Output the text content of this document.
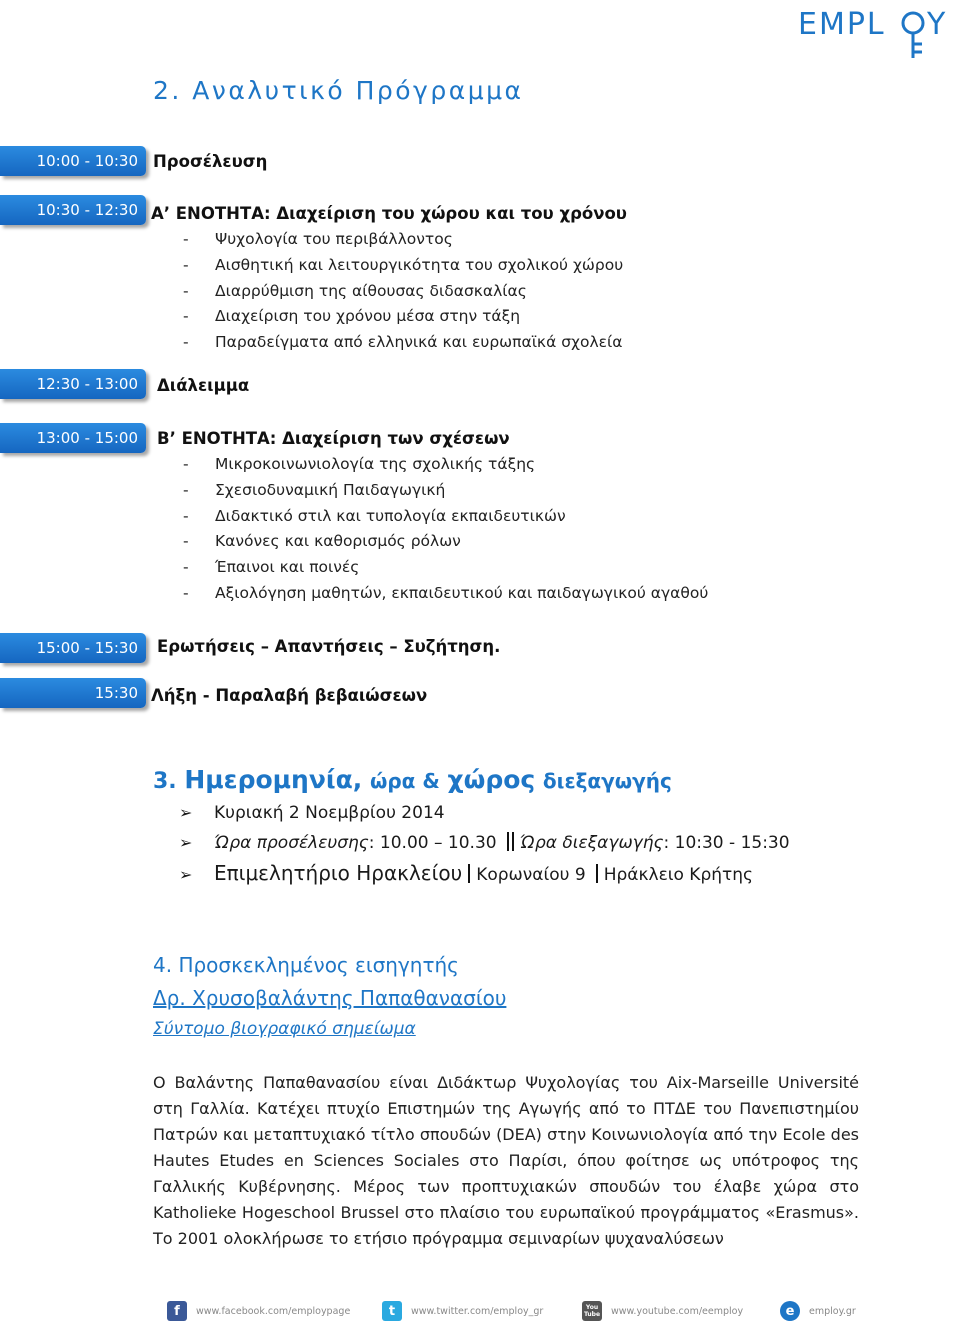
EMPL Y
2. Αναλυτικό Πρόγραμμα
10:00 - 10:30 Προσέλευση
10:30 - 12:30 Α’ ΕΝΟΤΗΤΑ: Διαχείριση του χώρου και του χρόνου
- Ψυχολογία του περιβάλλοντος
- Αισθητική και λειτουργικότητα του σχολικού χώρου
- Διαρρύθμιση της αίθουσας διδασκαλίας
- Διαχείριση του χρόνου μέσα στην τάξη
- Παραδείγματα από ελληνικά και ευρωπαϊκά σχολεία
12:30 - 13:00	Διάλειμμα
13:00 - 15:00	Β’ ΕΝΟΤΗΤΑ: Διαχείριση των σχέσεων
- Μικροκοινωνιολογία της σχολικής τάξης
- Σχεσιοδυναμική Παιδαγωγική
- Διδακτικό στιλ και τυπολογία εκπαιδευτικών
- Κανόνες και καθορισμός ρόλων
- Έπαινοι και ποινές
- Αξιολόγηση μαθητών, εκπαιδευτικού και παιδαγωγικού αγαθού
15:00 - 15:30	Ερωτήσεις – Απαντήσεις – Συζήτηση.
15:30 Λήξη - Παραλαβή βεβαιώσεων
3. Ημερομηνία, ώρα & χώρος διεξαγωγής
➢ Κυριακή 2 Νοεμβρίου 2014
➢ Ώρα προσέλευσης: 10.00 – 10.30 Ώρα διεξαγωγής: 10:30 - 15:30
➢ Επιμελητήριο Ηρακλείου Κορωναίου 9 Ηράκλειο Κρήτης
4. Προσκεκλημένος εισηγητής
Δρ. Χρυσοβαλάντης Παπαθανασίου
Σύντομο βιογραφικό σημείωμα

Ο Βαλάντης Παπαθανασίου είναι Διδάκτωρ Ψυχολογίας του Aix-Marseille Université στη Γαλλία. Κατέχει πτυχίο Επιστημών της Αγωγής από το ΠΤΔΕ του Πανεπιστημίου Πατρών και μεταπτυχιακό τίτλο σπουδών (DEA) στην Κοινωνιολογία από την Ecole des Hautes Etudes en Sciences Sociales στο Παρίσι, όπου φοίτησε ως υπότροφος της Γαλλικής Κυβέρνησης. Μέρος των προπτυχιακών σπουδών του έλαβε χώρα στο Katholieke Hogeschool Brussel στο πλαίσιο του ευρωπαϊκού προγράμματος «Erasmus». Το 2001 ολοκλήρωσε το ετήσιο πρόγραμμα σεμιναρίων ψυχαναλύσεων

f	www.facebook.com/employpage	t	www.twitter.com/employ_gr	You Tube www.youtube.com/eemploy	e	employ.gr
